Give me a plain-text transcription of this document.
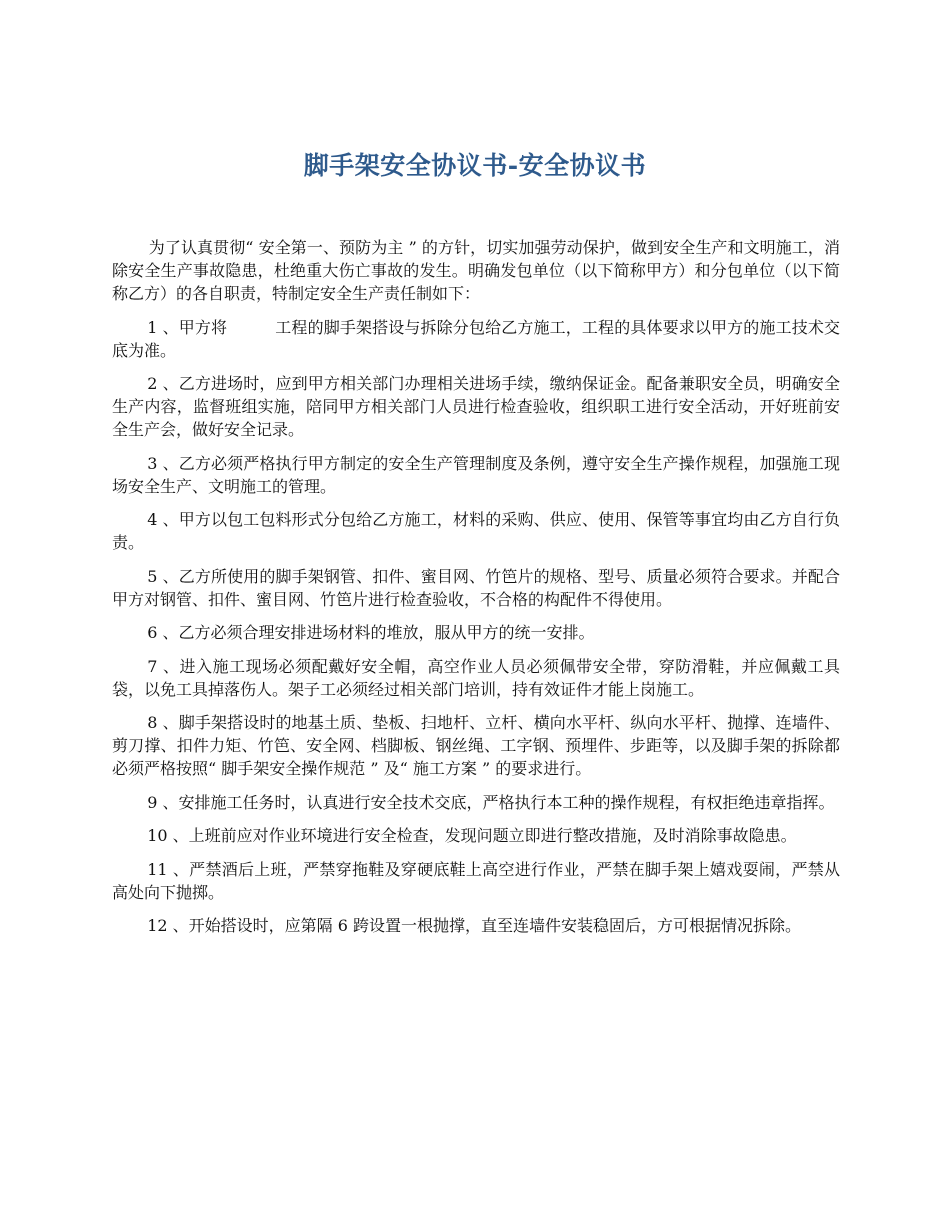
脚手架安全协议书-安全协议书

为了认真贯彻“ 安全第一、预防为主 ” 的方针，切实加强劳动保护，做到安全生产和文明施工，消除安全生产事故隐患，杜绝重大伤亡事故的发生。明确发包单位（以下简称甲方）和分包单位（以下简称乙方）的各自职责，特制定安全生产责任制如下：

1 、甲方将	工程的脚手架搭设与拆除分包给乙方施工，工程的具体要求以甲方的施工技术交底为准。

2 、乙方进场时，应到甲方相关部门办理相关进场手续，缴纳保证金。配备兼职安全员，明确安全生产内容，监督班组实施，陪同甲方相关部门人员进行检查验收，组织职工进行安全活动，开好班前安全生产会，做好安全记录。

3 、乙方必须严格执行甲方制定的安全生产管理制度及条例，遵守安全生产操作规程，加强施工现场安全生产、文明施工的管理。

4 、甲方以包工包料形式分包给乙方施工，材料的采购、供应、使用、保管等事宜均由乙方自行负责。

5 、乙方所使用的脚手架钢管、扣件、蜜目网、竹笆片的规格、型号、质量必须符合要求。并配合甲方对钢管、扣件、蜜目网、竹笆片进行检查验收，不合格的构配件不得使用。

6 、乙方必须合理安排进场材料的堆放，服从甲方的统一安排。

7 、进入施工现场必须配戴好安全帽，高空作业人员必须佩带安全带，穿防滑鞋，并应佩戴工具袋，以免工具掉落伤人。架子工必须经过相关部门培训，持有效证件才能上岗施工。

8 、脚手架搭设时的地基土质、垫板、扫地杆、立杆、横向水平杆、纵向水平杆、抛撑、连墙件、剪刀撑、扣件力矩、竹笆、安全网、档脚板、钢丝绳、工字钢、预埋件、步距等，以及脚手架的拆除都必须严格按照“ 脚手架安全操作规范 ” 及“ 施工方案 ” 的要求进行。

9 、安排施工任务时，认真进行安全技术交底，严格执行本工种的操作规程，有权拒绝违章指挥。

10 、上班前应对作业环境进行安全检查，发现问题立即进行整改措施，及时消除事故隐患。

11 、严禁酒后上班，严禁穿拖鞋及穿硬底鞋上高空进行作业，严禁在脚手架上嬉戏耍闹，严禁从高处向下抛掷。

12 、开始搭设时，应第隔 6 跨设置一根抛撑，直至连墙件安装稳固后，方可根据情况拆除。
